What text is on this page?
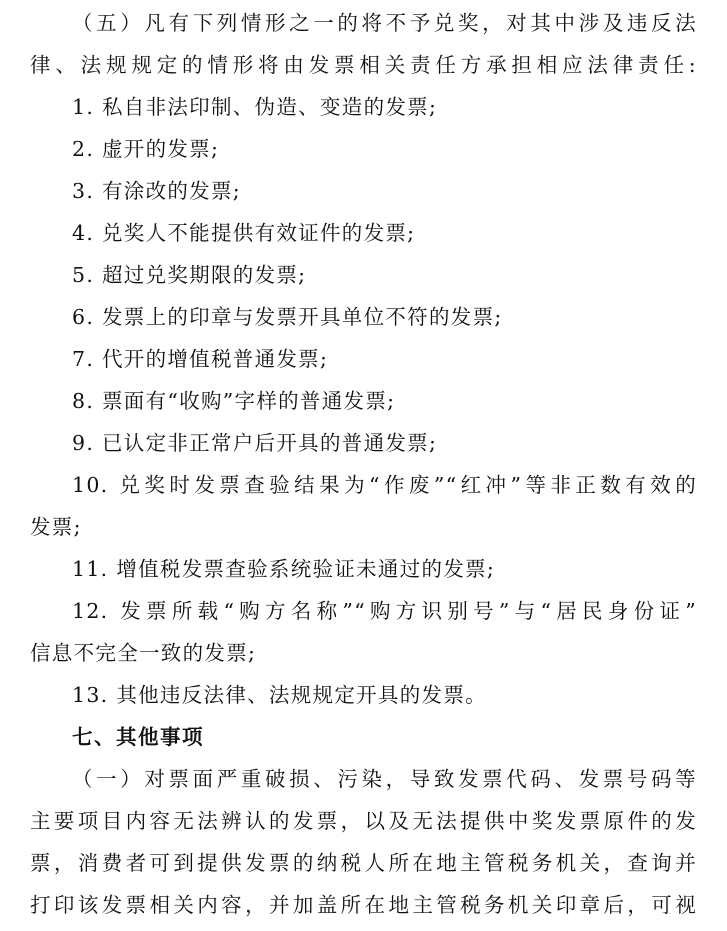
（五）凡有下列情形之一的将不予兑奖，对其中涉及违反法
律、法规规定的情形将由发票相关责任方承担相应法律责任:
1. 私自非法印制、伪造、变造的发票;
2. 虚开的发票;
3. 有涂改的发票;
4. 兑奖人不能提供有效证件的发票;
5. 超过兑奖期限的发票;
6. 发票上的印章与发票开具单位不符的发票;
7. 代开的增值税普通发票;
8. 票面有“收购”字样的普通发票;
9. 已认定非正常户后开具的普通发票;
10. 兑奖时发票查验结果为“作废”“红冲”等非正数有效的
发票;
11. 增值税发票查验系统验证未通过的发票;
12. 发票所载“购方名称”“购方识别号”与“居民身份证”
信息不完全一致的发票;
13. 其他违反法律、法规规定开具的发票。
七、其他事项
（一）对票面严重破损、污染，导致发票代码、发票号码等
主要项目内容无法辨认的发票，以及无法提供中奖发票原件的发
票，消费者可到提供发票的纳税人所在地主管税务机关，查询并
打印该发票相关内容，并加盖所在地主管税务机关印章后，可视
